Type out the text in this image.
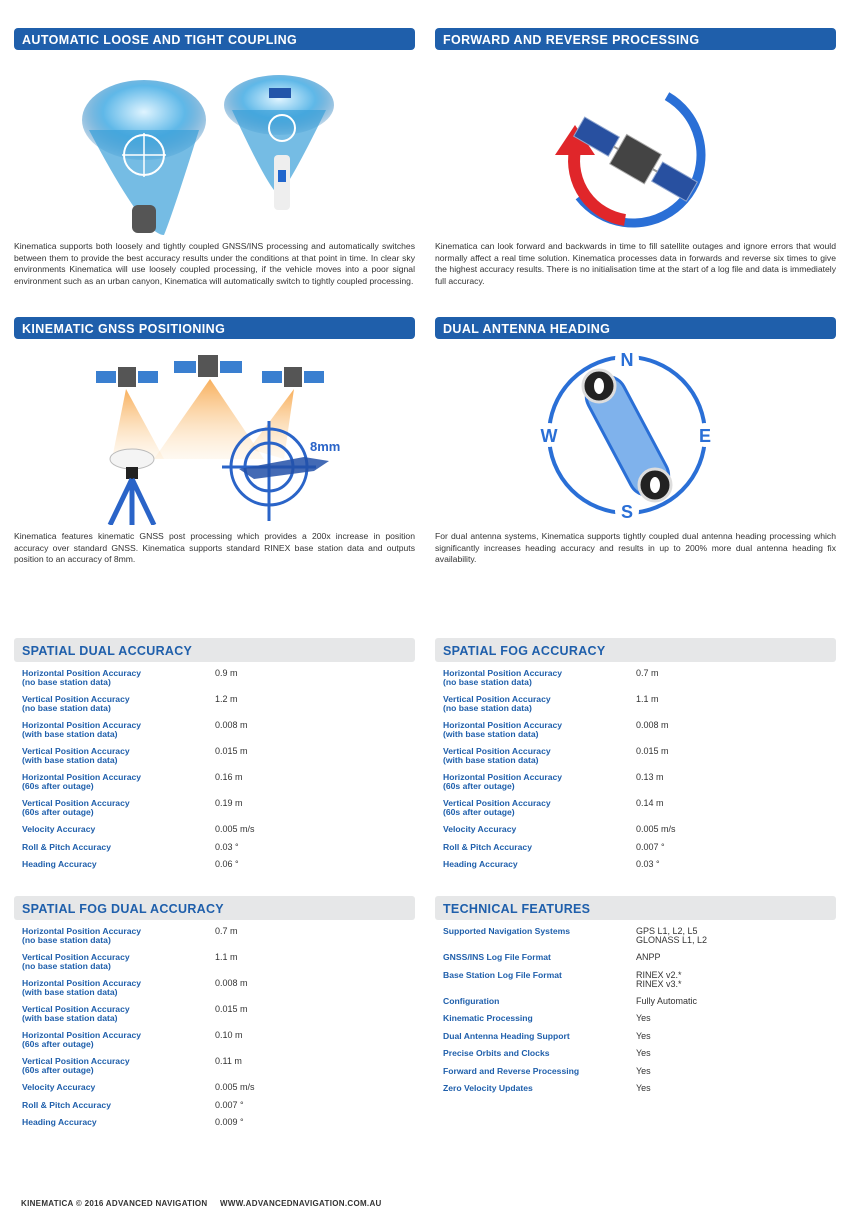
AUTOMATIC LOOSE AND TIGHT COUPLING
Kinematica supports both loosely and tightly coupled GNSS/INS processing and automatically switches between them to provide the best accuracy results under the conditions at that point in time. In clear sky environments Kinematica will use loosely coupled processing, if the vehicle moves into a poor signal environment such as an urban canyon, Kinematica will automatically switch to tightly coupled processing.
FORWARD AND REVERSE PROCESSING
Kinematica can look forward and backwards in time to fill satellite outages and ignore errors that would normally affect a real time solution. Kinematica processes data in forwards and reverse six times to give the highest accuracy results. There is no initialisation time at the start of a log file and data is immediately full accuracy.
KINEMATIC GNSS POSITIONING
8mm
Kinematica features kinematic GNSS post processing which provides a 200x increase in position accuracy over standard GNSS. Kinematica supports standard RINEX base station data and outputs position to an accuracy of 8mm.
DUAL ANTENNA HEADING
N
E
S
W
For dual antenna systems, Kinematica supports tightly coupled dual antenna heading processing which significantly increases heading accuracy and results in up to 200% more dual antenna heading fix availability.
SPATIAL DUAL ACCURACY
Horizontal Position Accuracy
(no base station data)
0.9 m
Vertical Position Accuracy
(no base station data)
1.2 m
Horizontal Position Accuracy
(with base station data)
0.008 m
Vertical Position Accuracy
(with base station data)
0.015 m
Horizontal Position Accuracy
(60s after outage)
0.16 m
Vertical Position Accuracy
(60s after outage)
0.19 m
Velocity Accuracy	0.005 m/s
Roll & Pitch Accuracy	0.03 °
Heading Accuracy	0.06 °
SPATIAL FOG ACCURACY
Horizontal Position Accuracy
(no base station data)
0.7 m
Vertical Position Accuracy
(no base station data)
1.1 m
Horizontal Position Accuracy
(with base station data)
0.008 m
Vertical Position Accuracy
(with base station data)
0.015 m
Horizontal Position Accuracy
(60s after outage)
0.13 m
Vertical Position Accuracy
(60s after outage)
0.14 m
Velocity Accuracy	0.005 m/s
Roll & Pitch Accuracy	0.007 °
Heading Accuracy	0.03 °
SPATIAL FOG DUAL ACCURACY
Horizontal Position Accuracy
(no base station data)
0.7 m
Vertical Position Accuracy
(no base station data)
1.1 m
Horizontal Position Accuracy
(with base station data)
0.008 m
Vertical Position Accuracy
(with base station data)
0.015 m
Horizontal Position Accuracy
(60s after outage)
0.10 m
Vertical Position Accuracy
(60s after outage)
0.11 m
Velocity Accuracy	0.005 m/s
Roll & Pitch Accuracy	0.007 °
Heading Accuracy	0.009 °
TECHNICAL FEATURES
Supported Navigation Systems	GPS L1, L2, L5
GLONASS L1, L2
GNSS/INS Log File Format	ANPP
Base Station Log File Format	RINEX v2.*
RINEX v3.*
Configuration	Fully Automatic
Kinematic Processing	Yes
Dual Antenna Heading Support	Yes
Precise Orbits and Clocks	Yes
Forward and Reverse Processing	Yes
Zero Velocity Updates	Yes
KINEMATICA © 2016 ADVANCED NAVIGATION WWW.ADVANCEDNAVIGATION.COM.AU
